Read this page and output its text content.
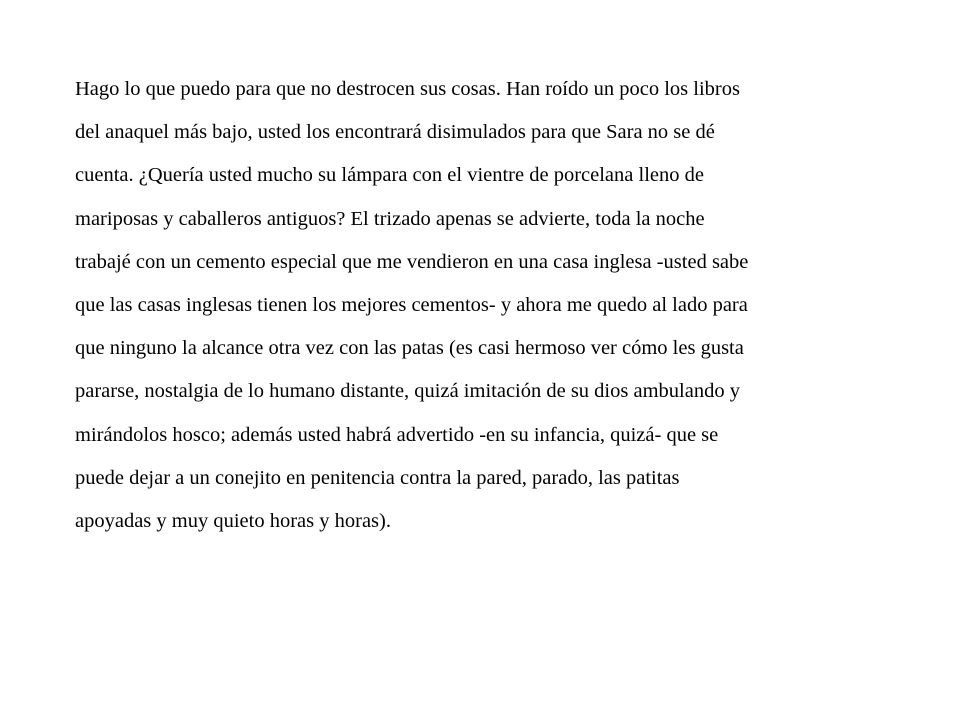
Hago lo que puedo para que no destrocen sus cosas. Han roído un poco los libros
del anaquel más bajo, usted los encontrará disimulados para que Sara no se dé
cuenta. ¿Quería usted mucho su lámpara con el vientre de porcelana lleno de
mariposas y caballeros antiguos? El trizado apenas se advierte, toda la noche
trabajé con un cemento especial que me vendieron en una casa inglesa -usted sabe
que las casas inglesas tienen los mejores cementos- y ahora me quedo al lado para
que ninguno la alcance otra vez con las patas (es casi hermoso ver cómo les gusta
pararse, nostalgia de lo humano distante, quizá imitación de su dios ambulando y
mirándolos hosco; además usted habrá advertido -en su infancia, quizá- que se
puede dejar a un conejito en penitencia contra la pared, parado, las patitas
apoyadas y muy quieto horas y horas).
